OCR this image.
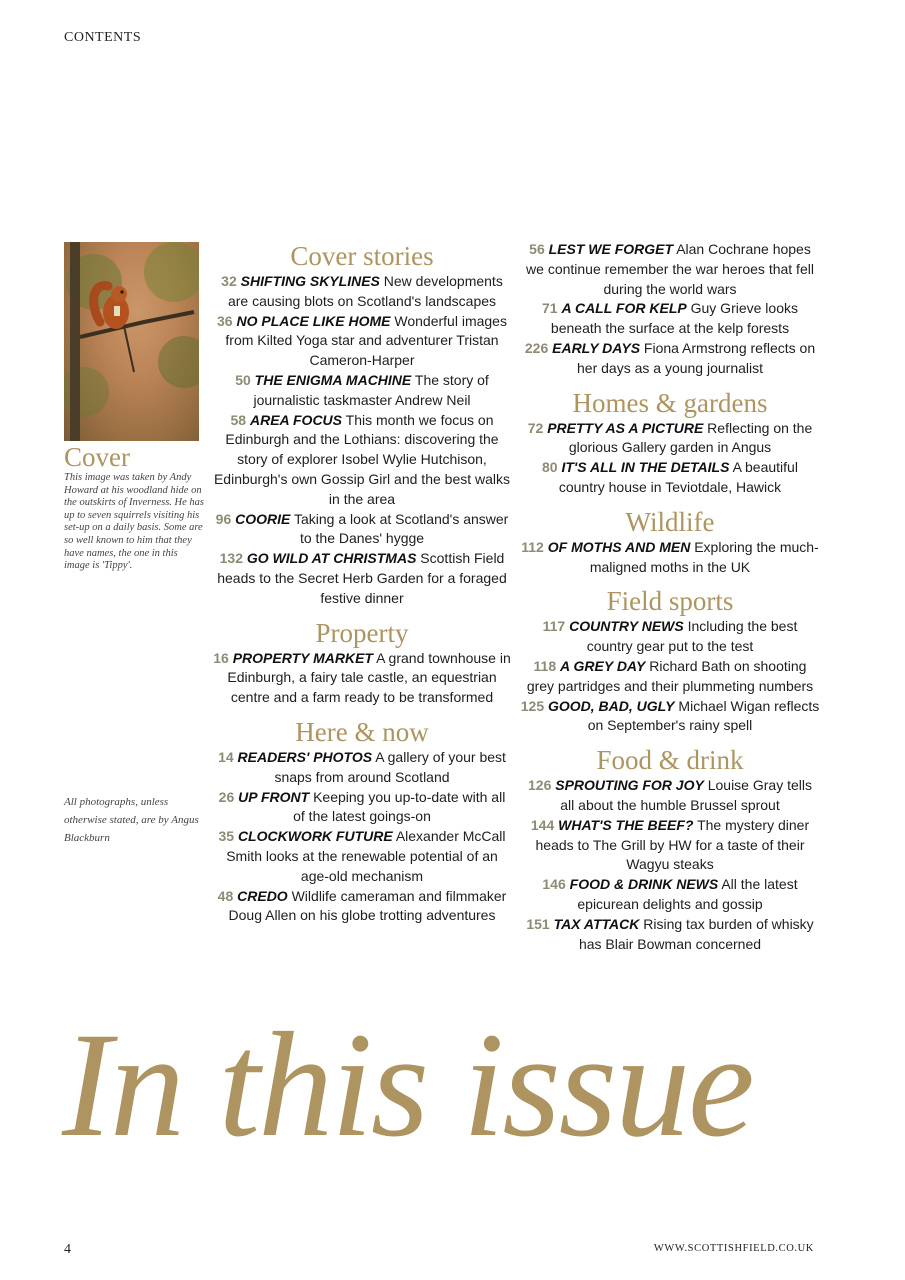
CONTENTS
Cover
This image was taken by Andy Howard at his woodland hide on the outskirts of Inverness. He has up to seven squirrels visiting his set-up on a daily basis. Some are so well known to him that they have names, the one in this image is 'Tippy'.
All photographs, unless otherwise stated, are by Angus Blackburn
Cover stories
32 SHIFTING SKYLINES New developments are causing blots on Scotland's landscapes
36 NO PLACE LIKE HOME Wonderful images from Kilted Yoga star and adventurer Tristan Cameron-Harper
50 THE ENIGMA MACHINE The story of journalistic taskmaster Andrew Neil
58 AREA FOCUS This month we focus on Edinburgh and the Lothians: discovering the story of explorer Isobel Wylie Hutchison, Edinburgh's own Gossip Girl and the best walks in the area
96 COORIE Taking a look at Scotland's answer to the Danes' hygge
132 GO WILD AT CHRISTMAS Scottish Field heads to the Secret Herb Garden for a foraged festive dinner
Property
16 PROPERTY MARKET A grand townhouse in Edinburgh, a fairy tale castle, an equestrian centre and a farm ready to be transformed
Here & now
14 READERS' PHOTOS A gallery of your best snaps from around Scotland
26 UP FRONT Keeping you up-to-date with all of the latest goings-on
35 CLOCKWORK FUTURE Alexander McCall Smith looks at the renewable potential of an age-old mechanism
48 CREDO Wildlife cameraman and filmmaker Doug Allen on his globe trotting adventures
56 LEST WE FORGET Alan Cochrane hopes we continue remember the war heroes that fell during the world wars
71 A CALL FOR KELP Guy Grieve looks beneath the surface at the kelp forests
226 EARLY DAYS Fiona Armstrong reflects on her days as a young journalist
Homes & gardens
72 PRETTY AS A PICTURE Reflecting on the glorious Gallery garden in Angus
80 IT'S ALL IN THE DETAILS A beautiful country house in Teviotdale, Hawick
Wildlife
112 OF MOTHS AND MEN Exploring the much-maligned moths in the UK
Field sports
117 COUNTRY NEWS Including the best country gear put to the test
118 A GREY DAY Richard Bath on shooting grey partridges and their plummeting numbers
125 GOOD, BAD, UGLY Michael Wigan reflects on September's rainy spell
Food & drink
126 SPROUTING FOR JOY Louise Gray tells all about the humble Brussel sprout
144 WHAT'S THE BEEF? The mystery diner heads to The Grill by HW for a taste of their Wagyu steaks
146 FOOD & DRINK NEWS All the latest epicurean delights and gossip
151 TAX ATTACK Rising tax burden of whisky has Blair Bowman concerned
In this issue
4	WWW.SCOTTISHFIELD.CO.UK
